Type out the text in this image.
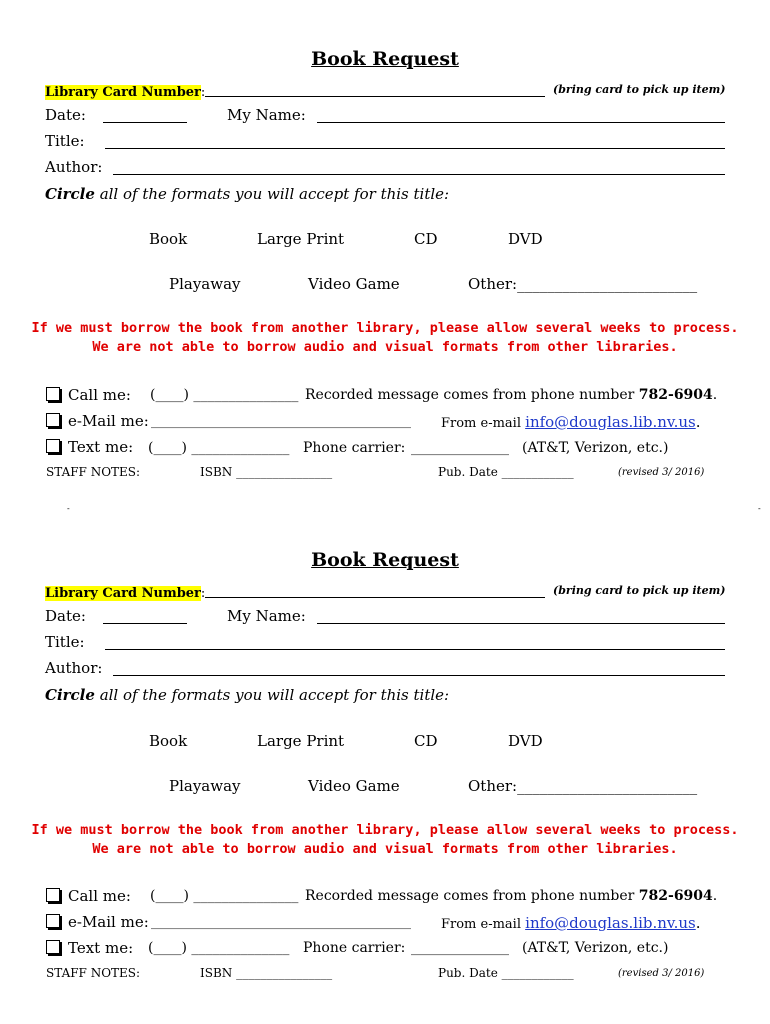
Book Request
Library Card Number:	(bring card to pick up item)
Date:	My Name:
Title:
Author:
Circle all of the formats you will accept for this title:
Book	Large Print	CD	DVD
Playaway	Video Game	Other:________________________
If we must borrow the book from another library, please allow several weeks to process.
We are not able to borrow audio and visual formats from other libraries.
Call me: (____) _______________ Recorded message comes from phone number 782-6904.
e-Mail me: ________________________________________ From e-mail info@douglas.lib.nv.us.
Text me: (____) ______________ Phone carrier: ______________ (AT&T, Verizon, etc.)
STAFF NOTES:	ISBN ________________	Pub. Date ____________	(revised 3/ 2016)
-	-
Book Request
Library Card Number:	(bring card to pick up item)
Date:	My Name:
Title:
Author:
Circle all of the formats you will accept for this title:
Book	Large Print	CD	DVD
Playaway	Video Game	Other:________________________
If we must borrow the book from another library, please allow several weeks to process.
We are not able to borrow audio and visual formats from other libraries.
Call me: (____) _______________ Recorded message comes from phone number 782-6904.
e-Mail me: ________________________________________ From e-mail info@douglas.lib.nv.us.
Text me: (____) ______________ Phone carrier: ______________ (AT&T, Verizon, etc.)
STAFF NOTES:	ISBN ________________	Pub. Date ____________	(revised 3/ 2016)
